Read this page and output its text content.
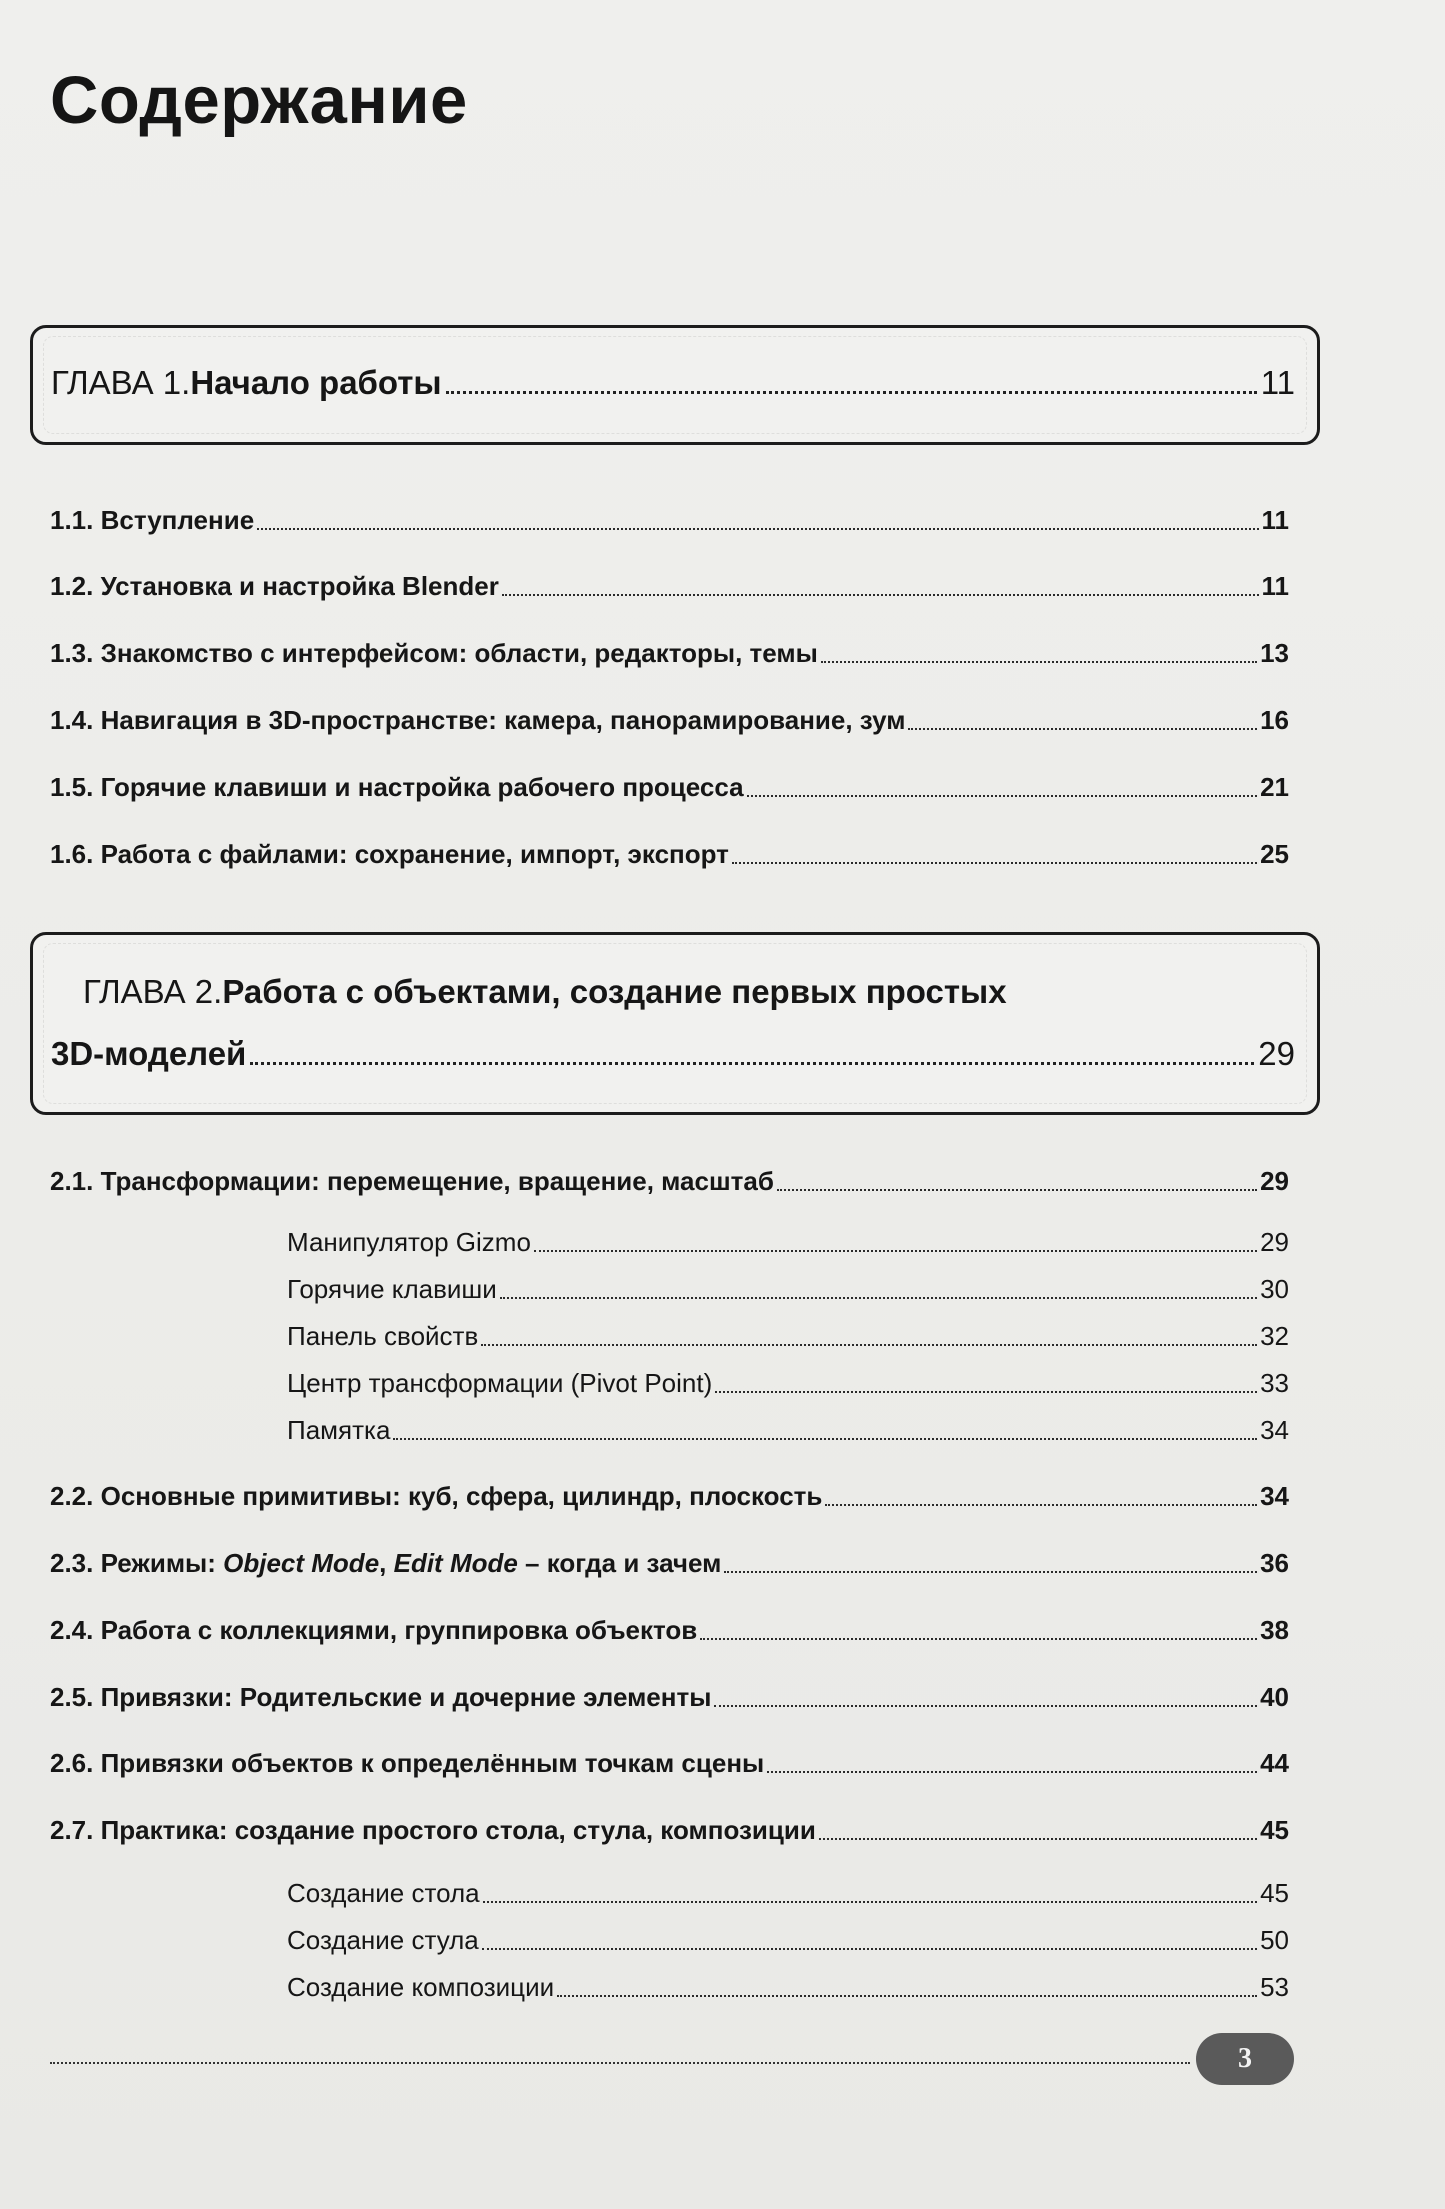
Содержание
ГЛАВА 1. Начало работы	11
1.1. Вступление	11
1.2. Установка и настройка Blender	11
1.3. Знакомство с интерфейсом: области, редакторы, темы	13
1.4. Навигация в 3D-пространстве: камера, панорамирование, зум	16
1.5. Горячие клавиши и настройка рабочего процесса	21
1.6. Работа с файлами: сохранение, импорт, экспорт	25
ГЛАВА 2. Работа с объектами, создание первых простых
3D-моделей	29
2.1. Трансформации: перемещение, вращение, масштаб	29
Манипулятор Gizmo	29
Горячие клавиши	30
Панель свойств	32
Центр трансформации (Pivot Point)	33
Памятка	34
2.2. Основные примитивы: куб, сфера, цилиндр, плоскость	34
2.3. Режимы: Object Mode, Edit Mode – когда и зачем	36
2.4. Работа с коллекциями, группировка объектов	38
2.5. Привязки: Родительские и дочерние элементы	40
2.6. Привязки объектов к определённым точкам сцены	44
2.7. Практика: создание простого стола, стула, композиции	45
Создание стола	45
Создание стула	50
Создание композиции	53
3
